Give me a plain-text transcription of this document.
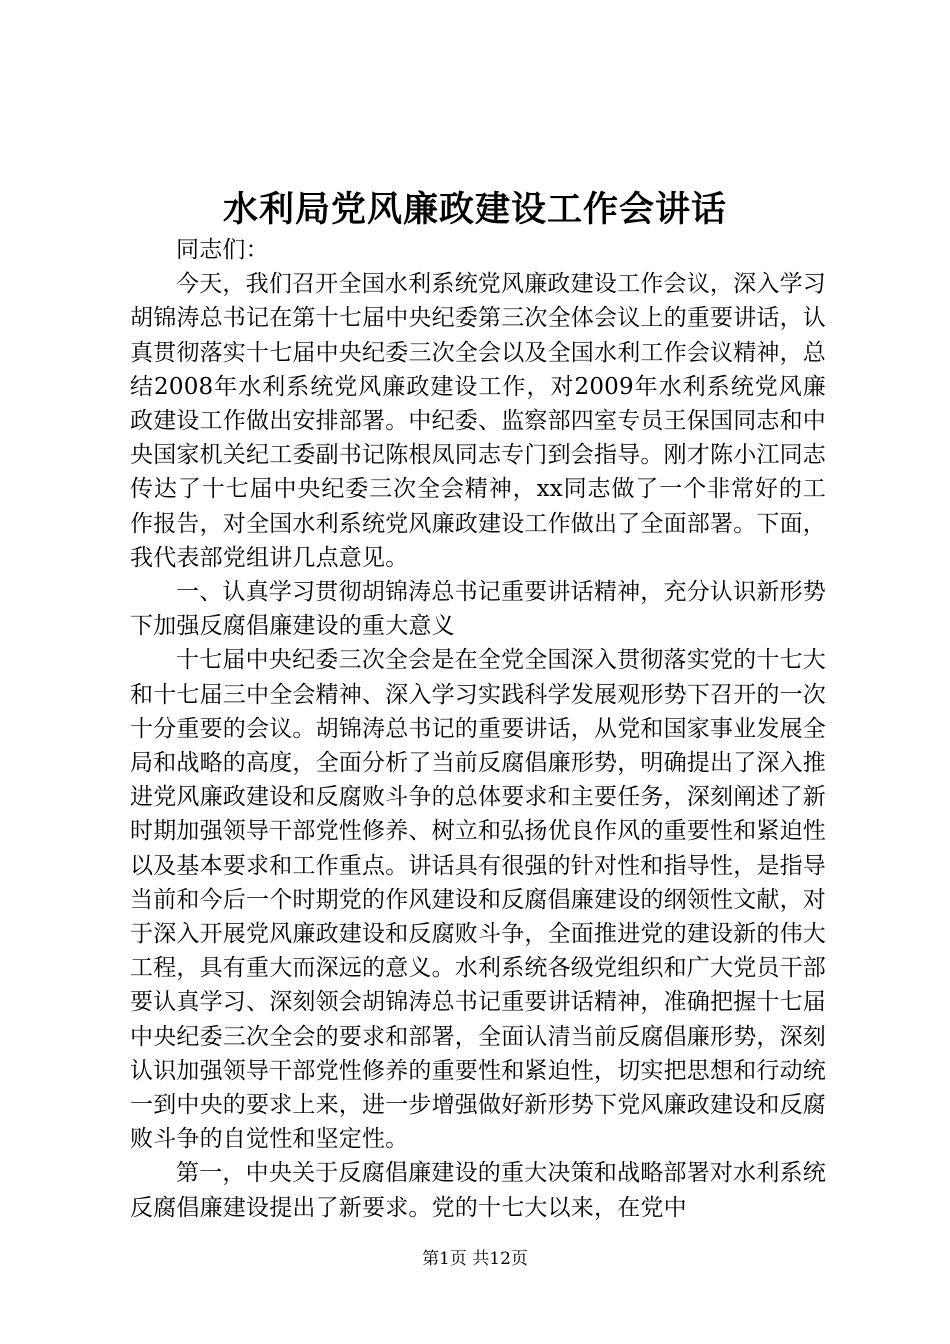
水利局党风廉政建设工作会讲话

同志们：

今天，我们召开全国水利系统党风廉政建设工作会议，深入学习胡锦涛总书记在第十七届中央纪委第三次全体会议上的重要讲话，认真贯彻落实十七届中央纪委三次全会以及全国水利工作会议精神，总结2008年水利系统党风廉政建设工作，对2009年水利系统党风廉政建设工作做出安排部署。中纪委、监察部四室专员王保国同志和中央国家机关纪工委副书记陈根凤同志专门到会指导。刚才陈小江同志传达了十七届中央纪委三次全会精神，xx同志做了一个非常好的工作报告，对全国水利系统党风廉政建设工作做出了全面部署。下面，我代表部党组讲几点意见。

一、认真学习贯彻胡锦涛总书记重要讲话精神，充分认识新形势下加强反腐倡廉建设的重大意义

十七届中央纪委三次全会是在全党全国深入贯彻落实党的十七大和十七届三中全会精神、深入学习实践科学发展观形势下召开的一次十分重要的会议。胡锦涛总书记的重要讲话，从党和国家事业发展全局和战略的高度，全面分析了当前反腐倡廉形势，明确提出了深入推进党风廉政建设和反腐败斗争的总体要求和主要任务，深刻阐述了新时期加强领导干部党性修养、树立和弘扬优良作风的重要性和紧迫性以及基本要求和工作重点。讲话具有很强的针对性和指导性，是指导当前和今后一个时期党的作风建设和反腐倡廉建设的纲领性文献，对于深入开展党风廉政建设和反腐败斗争，全面推进党的建设新的伟大工程，具有重大而深远的意义。水利系统各级党组织和广大党员干部要认真学习、深刻领会胡锦涛总书记重要讲话精神，准确把握十七届中央纪委三次全会的要求和部署，全面认清当前反腐倡廉形势，深刻认识加强领导干部党性修养的重要性和紧迫性，切实把思想和行动统一到中央的要求上来，进一步增强做好新形势下党风廉政建设和反腐败斗争的自觉性和坚定性。

第一，中央关于反腐倡廉建设的重大决策和战略部署对水利系统反腐倡廉建设提出了新要求。党的十七大以来，在党中

第1页 共12页
